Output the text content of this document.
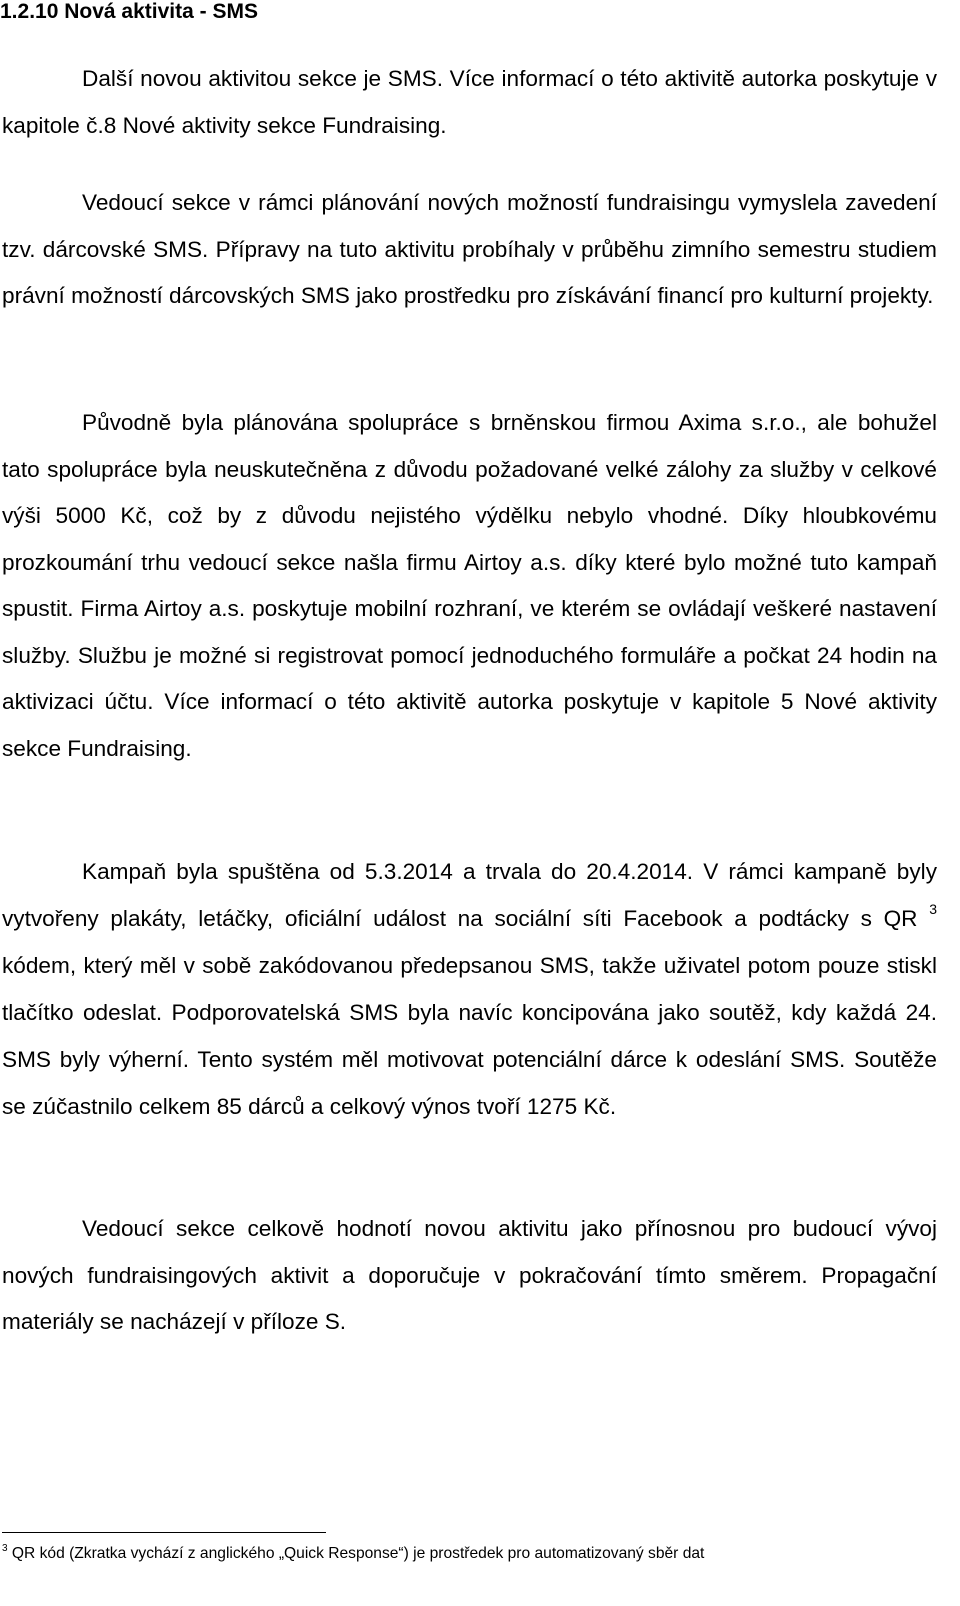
1.2.10 Nová aktivita - SMS

Další novou aktivitou sekce je SMS. Více informací o této aktivitě autorka poskytuje v kapitole č.8 Nové aktivity sekce Fundraising.

Vedoucí sekce v rámci plánování nových možností fundraisingu vymyslela zavedení tzv. dárcovské SMS. Přípravy na tuto aktivitu probíhaly v průběhu zimního semestru studiem právní možností dárcovských SMS jako prostředku pro získávání financí pro kulturní projekty.

Původně byla plánována spolupráce s brněnskou firmou Axima s.r.o., ale bohužel tato spolupráce byla neuskutečněna z důvodu požadované velké zálohy za služby v celkové výši 5000 Kč, což by z důvodu nejistého výdělku nebylo vhodné. Díky hloubkovému prozkoumání trhu vedoucí sekce našla firmu Airtoy a.s. díky které bylo možné tuto kampaň spustit. Firma Airtoy a.s. poskytuje mobilní rozhraní, ve kterém se ovládají veškeré nastavení služby. Službu je možné si registrovat pomocí jednoduchého formuláře a počkat 24 hodin na aktivizaci účtu. Více informací o této aktivitě autorka poskytuje v kapitole 5 Nové aktivity sekce Fundraising.

Kampaň byla spuštěna od 5.3.2014 a trvala do 20.4.2014. V rámci kampaně byly vytvořeny plakáty, letáčky, oficiální událost na sociální síti Facebook a podtácky s QR $^3$ kódem, který měl v sobě zakódovanou předepsanou SMS, takže uživatel potom pouze stiskl tlačítko odeslat. Podporovatelská SMS byla navíc koncipována jako soutěž, kdy každá 24. SMS byly výherní. Tento systém měl motivovat potenciální dárce k odeslání SMS. Soutěže se zúčastnilo celkem 85 dárců a celkový výnos tvoří 1275 Kč.

Vedoucí sekce celkově hodnotí novou aktivitu jako přínosnou pro budoucí vývoj nových fundraisingových aktivit a doporučuje v pokračování tímto směrem. Propagační materiály se nacházejí v příloze S.

$^3$ QR kód (Zkratka vychází z anglického „Quick Response“) je prostředek pro automatizovaný sběr dat
